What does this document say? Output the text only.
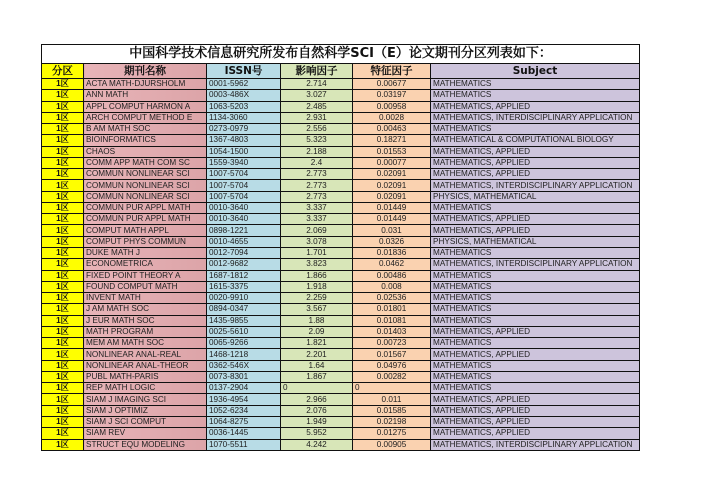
中国科学技术信息研究所发布自然科学SCI（E）论文期刊分区列表如下：					
分区	期刊名称	ISSN号	影响因子	特征因子	Subject
1区	ACTA MATH-DJURSHOLM	0001-5962	2.714	0.00677	MATHEMATICS
1区	ANN MATH	0003-486X	3.027	0.03197	MATHEMATICS
1区	APPL COMPUT HARMON A	1063-5203	2.485	0.00958	MATHEMATICS, APPLIED
1区	ARCH COMPUT METHOD E	1134-3060	2.931	0.0028	MATHEMATICS, INTERDISCIPLINARY APPLICATION
1区	B AM MATH SOC	0273-0979	2.556	0.00463	MATHEMATICS
1区	BIOINFORMATICS	1367-4803	5.323	0.18271	MATHEMATICAL & COMPUTATIONAL BIOLOGY
1区	CHAOS	1054-1500	2.188	0.01553	MATHEMATICS, APPLIED
1区	COMM APP MATH COM SC	1559-3940	2.4	0.00077	MATHEMATICS, APPLIED
1区	COMMUN NONLINEAR SCI	1007-5704	2.773	0.02091	MATHEMATICS, APPLIED
1区	COMMUN NONLINEAR SCI	1007-5704	2.773	0.02091	MATHEMATICS, INTERDISCIPLINARY APPLICATION
1区	COMMUN NONLINEAR SCI	1007-5704	2.773	0.02091	PHYSICS, MATHEMATICAL
1区	COMMUN PUR APPL MATH	0010-3640	3.337	0.01449	MATHEMATICS
1区	COMMUN PUR APPL MATH	0010-3640	3.337	0.01449	MATHEMATICS, APPLIED
1区	COMPUT MATH APPL	0898-1221	2.069	0.031	MATHEMATICS, APPLIED
1区	COMPUT PHYS COMMUN	0010-4655	3.078	0.0326	PHYSICS, MATHEMATICAL
1区	DUKE MATH J	0012-7094	1.701	0.01836	MATHEMATICS
1区	ECONOMETRICA	0012-9682	3.823	0.0462	MATHEMATICS, INTERDISCIPLINARY APPLICATION
1区	FIXED POINT THEORY A	1687-1812	1.866	0.00486	MATHEMATICS
1区	FOUND COMPUT MATH	1615-3375	1.918	0.008	MATHEMATICS
1区	INVENT MATH	0020-9910	2.259	0.02536	MATHEMATICS
1区	J AM MATH SOC	0894-0347	3.567	0.01801	MATHEMATICS
1区	J EUR MATH SOC	1435-9855	1.88	0.01081	MATHEMATICS
1区	MATH PROGRAM	0025-5610	2.09	0.01403	MATHEMATICS, APPLIED
1区	MEM AM MATH SOC	0065-9266	1.821	0.00723	MATHEMATICS
1区	NONLINEAR ANAL-REAL	1468-1218	2.201	0.01567	MATHEMATICS, APPLIED
1区	NONLINEAR ANAL-THEOR	0362-546X	1.64	0.04976	MATHEMATICS
1区	PUBL MATH-PARIS	0073-8301	1.867	0.00282	MATHEMATICS
1区	REP MATH LOGIC	0137-2904	0	0	MATHEMATICS
1区	SIAM J IMAGING SCI	1936-4954	2.966	0.011	MATHEMATICS, APPLIED
1区	SIAM J OPTIMIZ	1052-6234	2.076	0.01585	MATHEMATICS, APPLIED
1区	SIAM J SCI COMPUT	1064-8275	1.949	0.02198	MATHEMATICS, APPLIED
1区	SIAM REV	0036-1445	5.952	0.01275	MATHEMATICS, APPLIED
1区	STRUCT EQU MODELING	1070-5511	4.242	0.00905	MATHEMATICS, INTERDISCIPLINARY APPLICATION
